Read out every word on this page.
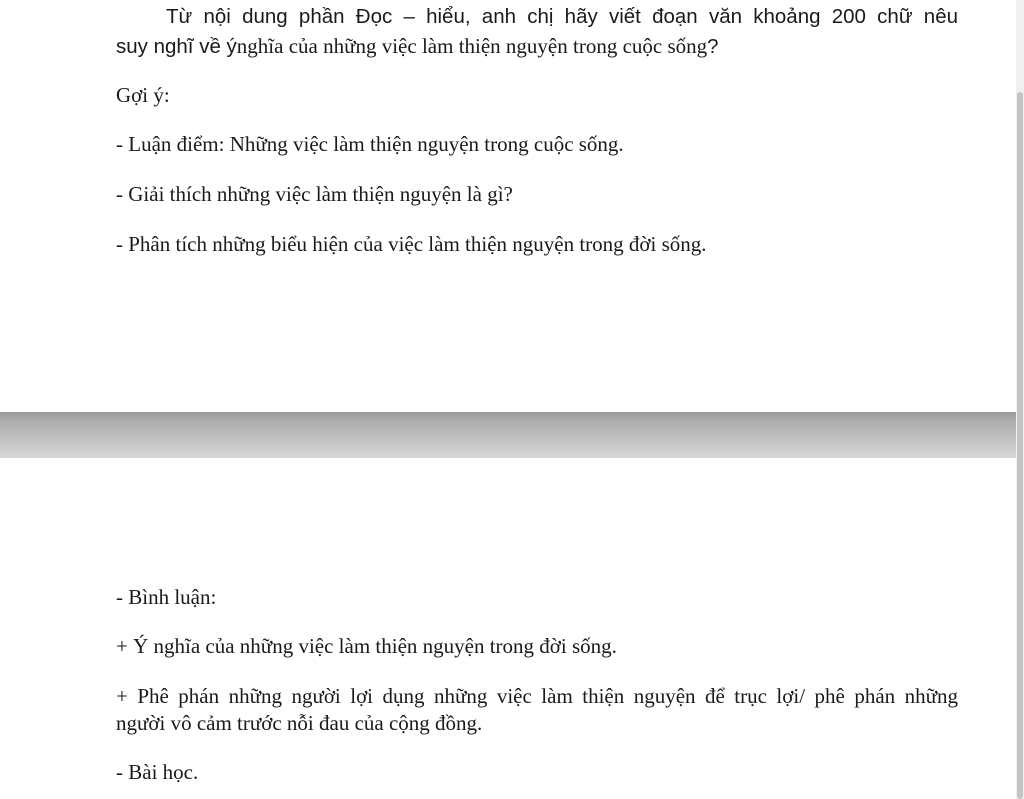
Từ nội dung phần Đọc – hiểu, anh chị hãy viết đoạn văn khoảng 200 chữ nêu

suy nghĩ về ýnghĩa của những việc làm thiện nguyện trong cuộc sống?

Gợi ý:

- Luận điểm: Những việc làm thiện nguyện trong cuộc sống.

- Giải thích những việc làm thiện nguyện là gì?

- Phân tích những biểu hiện của việc làm thiện nguyện trong đời sống.

- Bình luận:

+ Ý nghĩa của những việc làm thiện nguyện trong đời sống.

+ Phê phán những người lợi dụng những việc làm thiện nguyện để trục lợi/ phê phán những

người vô cảm trước nỗi đau của cộng đồng.

- Bài học.
